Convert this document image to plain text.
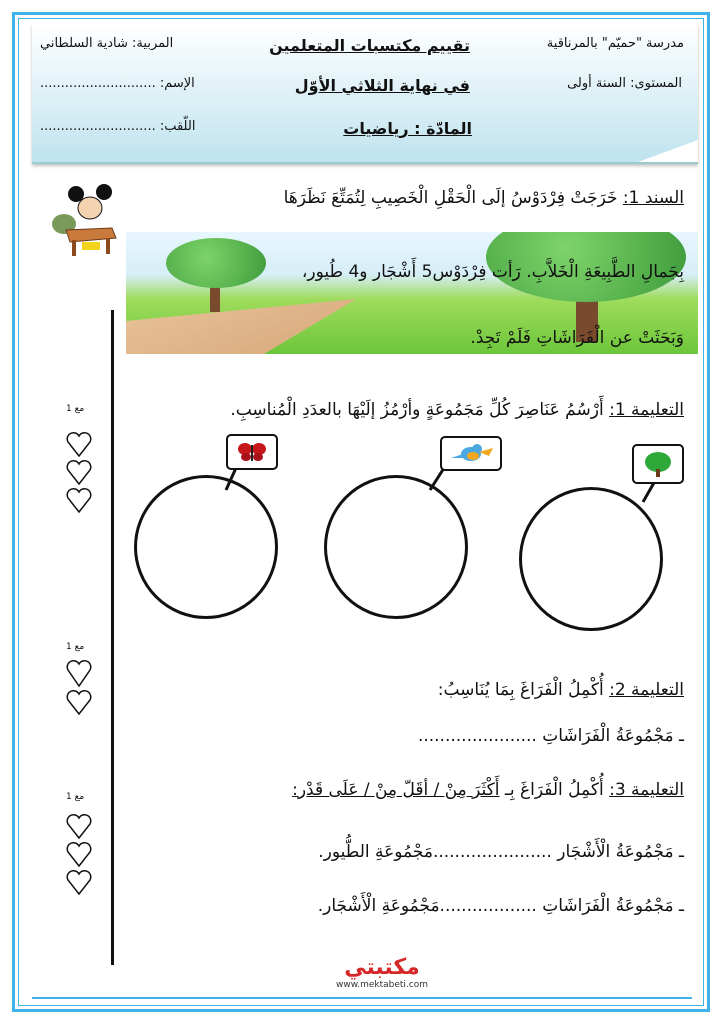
مدرسة "حميّم" بالمرناقية
تقييم مكتسبات المتعلمين
المربية: شادية السلطاني
المستوى: السنة أولى
في نهاية الثلاثي الأوّل
الإسم: ............................
المادّة : رياضيات
اللّقب: ............................
السند 1: خَرَجَتْ فِرْدَوْسُ إلَى الْحَقْلِ الْخَصِيبِ لِتُمَتِّعَ نَظَرَهَا
بِجَمالِ الطَّبِيعَةِ الْخَلاَّبِ. رَأت فِرْدَوْس5 أَشْجَار و4 طُيور،
وَبَحَثَتْ عن الْفَرَاشَاتِ فَلَمْ تَجِدْ.
التعليمة 1: أَرْسُمُ عَنَاصِرَ كُلِّ مَجَمُوعَةٍ وأرْمُزُ إلَيْهَا بالعدَدِ الْمُناسِبِ.
مع 1
مع 1
التعليمة 2: أُكْمِلُ الْفَرَاغَ بِمَا يُنَاسِبُ:
ـ مَجْمُوعَةُ الْفَرَاشَاتِ ......................
التعليمة 3: أُكْمِلُ الْفَرَاغَ بِـ أَكْثَرَ مِنْ / أقَلّ مِنْ / عَلَى قَدْر:
مع 1
ـ مَجْمُوعَةُ الْأَشْجَار ......................مَجْمُوعَةِ الطُّيور.
ـ مَجْمُوعَةُ الْفَرَاشَاتِ ..................مَجْمُوعَةِ الْأَشْجَار.
مكتبتي
www.mektabeti.com
